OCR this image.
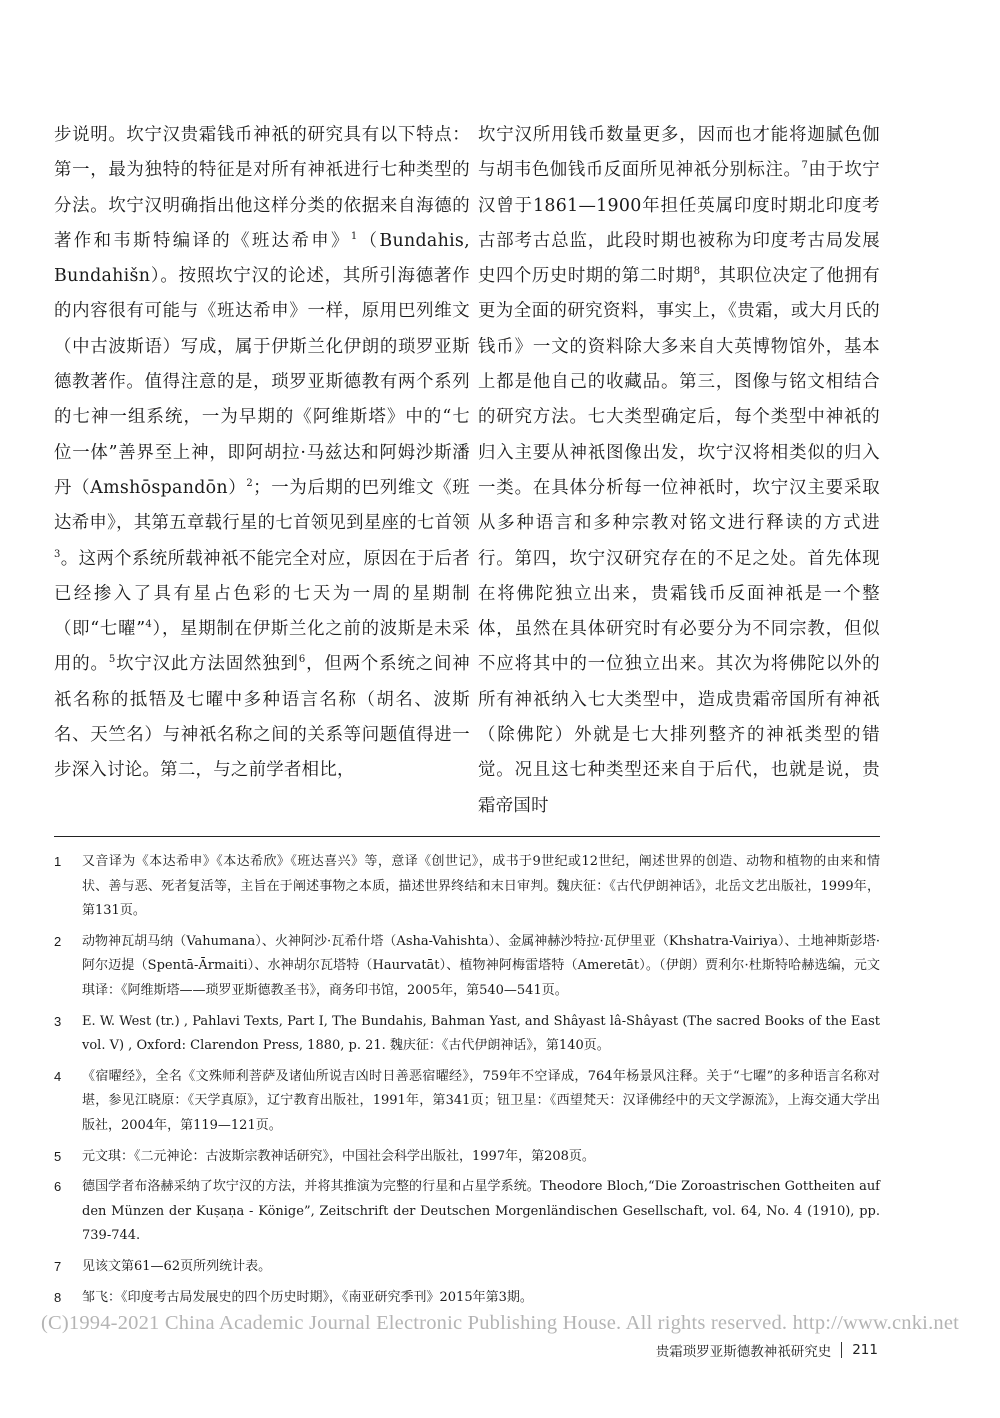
步说明。坎宁汉贵霜钱币神祇的研究具有以下特点：第一，最为独特的特征是对所有神祇进行七种类型的分法。坎宁汉明确指出他这样分类的依据来自海德的著作和韦斯特编译的《班达希申》$^1$（Bundahis, Bundahišn）。按照坎宁汉的论述，其所引海德著作的内容很有可能与《班达希申》一样，原用巴列维文（中古波斯语）写成，属于伊斯兰化伊朗的琐罗亚斯德教著作。值得注意的是，琐罗亚斯德教有两个系列的七神一组系统，一为早期的《阿维斯塔》中的“七位一体”善界至上神，即阿胡拉·马兹达和阿姆沙斯潘丹（Amshōspandōn）$^2$；一为后期的巴列维文《班达希申》，其第五章载行星的七首领见到星座的七首领$^3$。这两个系统所载神祇不能完全对应，原因在于后者已经掺入了具有星占色彩的七天为一周的星期制（即“七曜”$^4$），星期制在伊斯兰化之前的波斯是未采用的。$^5$坎宁汉此方法固然独到$^6$，但两个系统之间神祇名称的抵牾及七曜中多种语言名称（胡名、波斯名、天竺名）与神祇名称之间的关系等问题值得进一步深入讨论。第二，与之前学者相比，

坎宁汉所用钱币数量更多，因而也才能将迦腻色伽与胡韦色伽钱币反面所见神祇分别标注。$^7$由于坎宁汉曾于1861—1900年担任英属印度时期北印度考古部考古总监，此段时期也被称为印度考古局发展史四个历史时期的第二时期$^8$，其职位决定了他拥有更为全面的研究资料，事实上，《贵霜，或大月氏的钱币》一文的资料除大多来自大英博物馆外，基本上都是他自己的收藏品。第三，图像与铭文相结合的研究方法。七大类型确定后，每个类型中神祇的归入主要从神祇图像出发，坎宁汉将相类似的归入一类。在具体分析每一位神祇时，坎宁汉主要采取从多种语言和多种宗教对铭文进行释读的方式进行。第四，坎宁汉研究存在的不足之处。首先体现在将佛陀独立出来，贵霜钱币反面神祇是一个整体，虽然在具体研究时有必要分为不同宗教，但似不应将其中的一位独立出来。其次为将佛陀以外的所有神祇纳入七大类型中，造成贵霜帝国所有神祇（除佛陀）外就是七大排列整齐的神祇类型的错觉。况且这七种类型还来自于后代，也就是说，贵霜帝国时

1	又音译为《本达希申》《本达希欣》《班达喜兴》等，意译《创世记》，成书于9世纪或12世纪，阐述世界的创造、动物和植物的由来和情状、善与恶、死者复活等，主旨在于阐述事物之本质，描述世界终结和末日审判。魏庆征：《古代伊朗神话》，北岳文艺出版社，1999年，第131页。
2	动物神瓦胡马纳（Vahumana）、火神阿沙·瓦希什塔（Asha-Vahishta）、金属神赫沙特拉·瓦伊里亚（Khshatra-Vairiya）、土地神斯彭塔·阿尔迈提（Spentā-Ārmaiti）、水神胡尔瓦塔特（Haurvatāt）、植物神阿梅雷塔特（Ameretāt）。（伊朗）贾利尔·杜斯特哈赫选编，元文琪译：《阿维斯塔——琐罗亚斯德教圣书》，商务印书馆，2005年，第540—541页。
3	E. W. West (tr.) , Pahlavi Texts, Part I, The Bundahis, Bahman Yast, and Shâyast lâ-Shâyast (The sacred Books of the East vol. V) , Oxford: Clarendon Press, 1880, p. 21. 魏庆征：《古代伊朗神话》，第140页。
4	《宿曜经》，全名《文殊师利菩萨及诸仙所说吉凶时日善恶宿曜经》，759年不空译成，764年杨景风注释。关于“七曜”的多种语言名称对堪，参见江晓原：《天学真原》，辽宁教育出版社，1991年，第341页；钮卫星：《西望梵天：汉译佛经中的天文学源流》，上海交通大学出版社，2004年，第119—121页。
5	元文琪：《二元神论：古波斯宗教神话研究》，中国社会科学出版社，1997年，第208页。
6	德国学者布洛赫采纳了坎宁汉的方法，并将其推演为完整的行星和占星学系统。Theodore Bloch,“Die Zoroastrischen Gottheiten auf den Münzen der Kuṣaṇa - Könige”, Zeitschrift der Deutschen Morgenländischen Gesellschaft, vol. 64, No. 4 (1910), pp. 739-744.
7	见该文第61—62页所列统计表。
8	邹飞：《印度考古局发展史的四个历史时期》，《南亚研究季刊》2015年第3期。
(C)1994-2021 China Academic Journal Electronic Publishing House. All rights reserved. http://www.cnki.net
贵霜琐罗亚斯德教神祇研究史 211
